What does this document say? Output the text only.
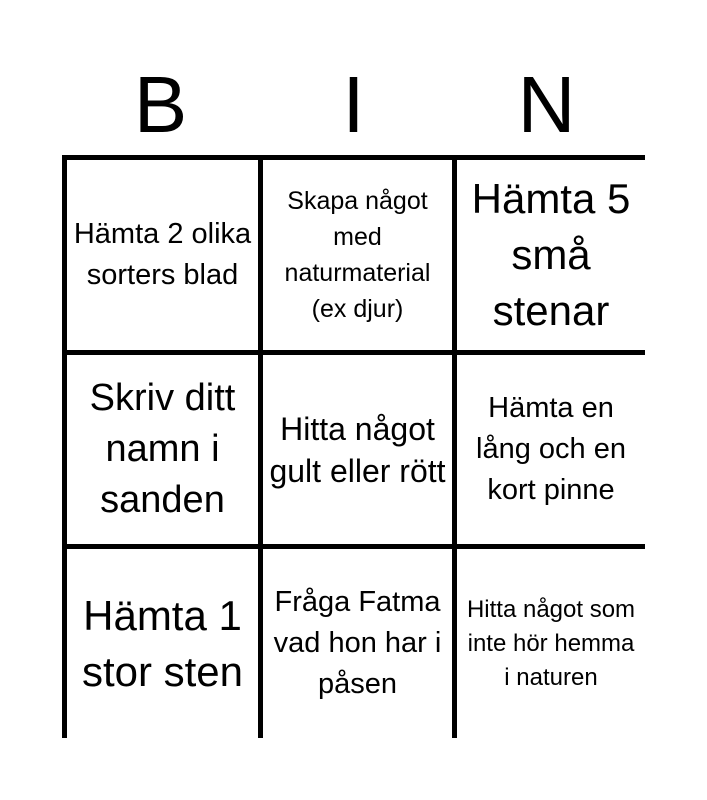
B	I	N
Hämta 2 olika sorters blad
Skapa något med naturmaterial (ex djur)
Hämta 5 små stenar
Skriv ditt namn i sanden
Hitta något gult eller rött
Hämta en lång och en kort pinne
Hämta 1 stor sten
Fråga Fatma vad hon har i påsen
Hitta något som inte hör hemma i naturen
